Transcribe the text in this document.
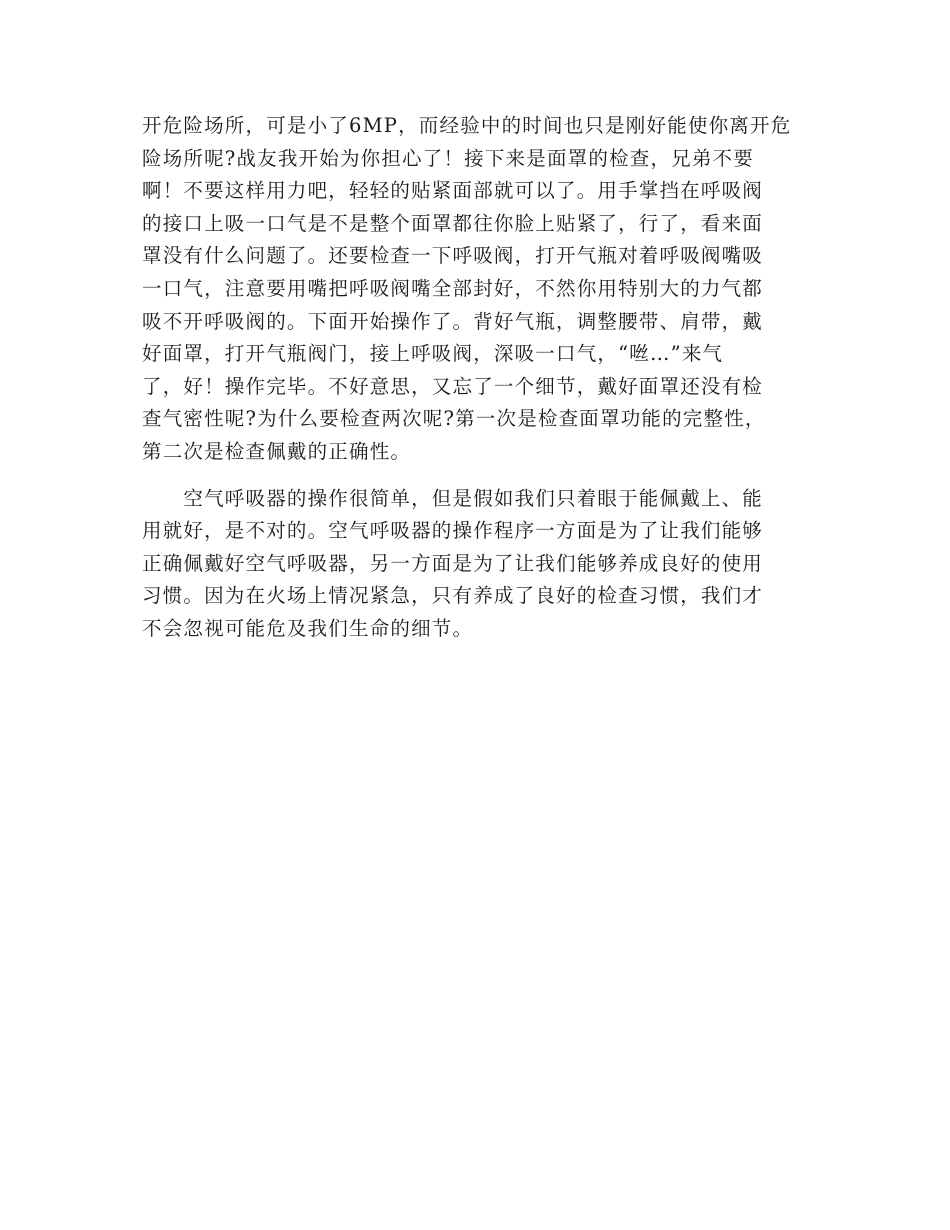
开危险场所，可是小了6MP，而经验中的时间也只是刚好能使你离开危
险场所呢?战友我开始为你担心了！接下来是面罩的检查，兄弟不要
啊！不要这样用力吧，轻轻的贴紧面部就可以了。用手掌挡在呼吸阀
的接口上吸一口气是不是整个面罩都往你脸上贴紧了，行了，看来面
罩没有什么问题了。还要检查一下呼吸阀，打开气瓶对着呼吸阀嘴吸
一口气，注意要用嘴把呼吸阀嘴全部封好，不然你用特别大的力气都
吸不开呼吸阀的。下面开始操作了。背好气瓶，调整腰带、肩带，戴
好面罩，打开气瓶阀门，接上呼吸阀，深吸一口气，“咝…”来气
了，好！操作完毕。不好意思，又忘了一个细节，戴好面罩还没有检
查气密性呢?为什么要检查两次呢?第一次是检查面罩功能的完整性，
第二次是检查佩戴的正确性。
　　空气呼吸器的操作很简单，但是假如我们只着眼于能佩戴上、能
用就好，是不对的。空气呼吸器的操作程序一方面是为了让我们能够
正确佩戴好空气呼吸器，另一方面是为了让我们能够养成良好的使用
习惯。因为在火场上情况紧急，只有养成了良好的检查习惯，我们才
不会忽视可能危及我们生命的细节。
